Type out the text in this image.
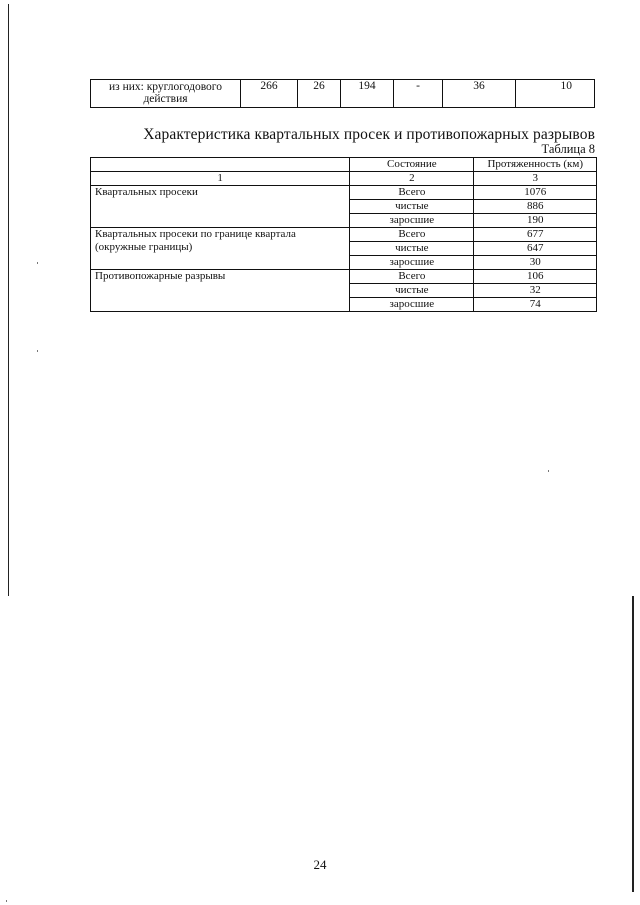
из них: круглогодового действия	266	26	194	-	36	10
Характеристика квартальных просек и противопожарных разрывов
Таблица 8
	Состояние	Протяженность (км)
1	2	3
Квартальных просеки	Всего	1076
	чистые	886
	заросшие	190
Квартальных просеки по границе квартала (окружные границы)	Всего	677
	чистые	647
	заросшие	30
Противопожарные разрывы	Всего	106
	чистые	32
	заросшие	74
24
